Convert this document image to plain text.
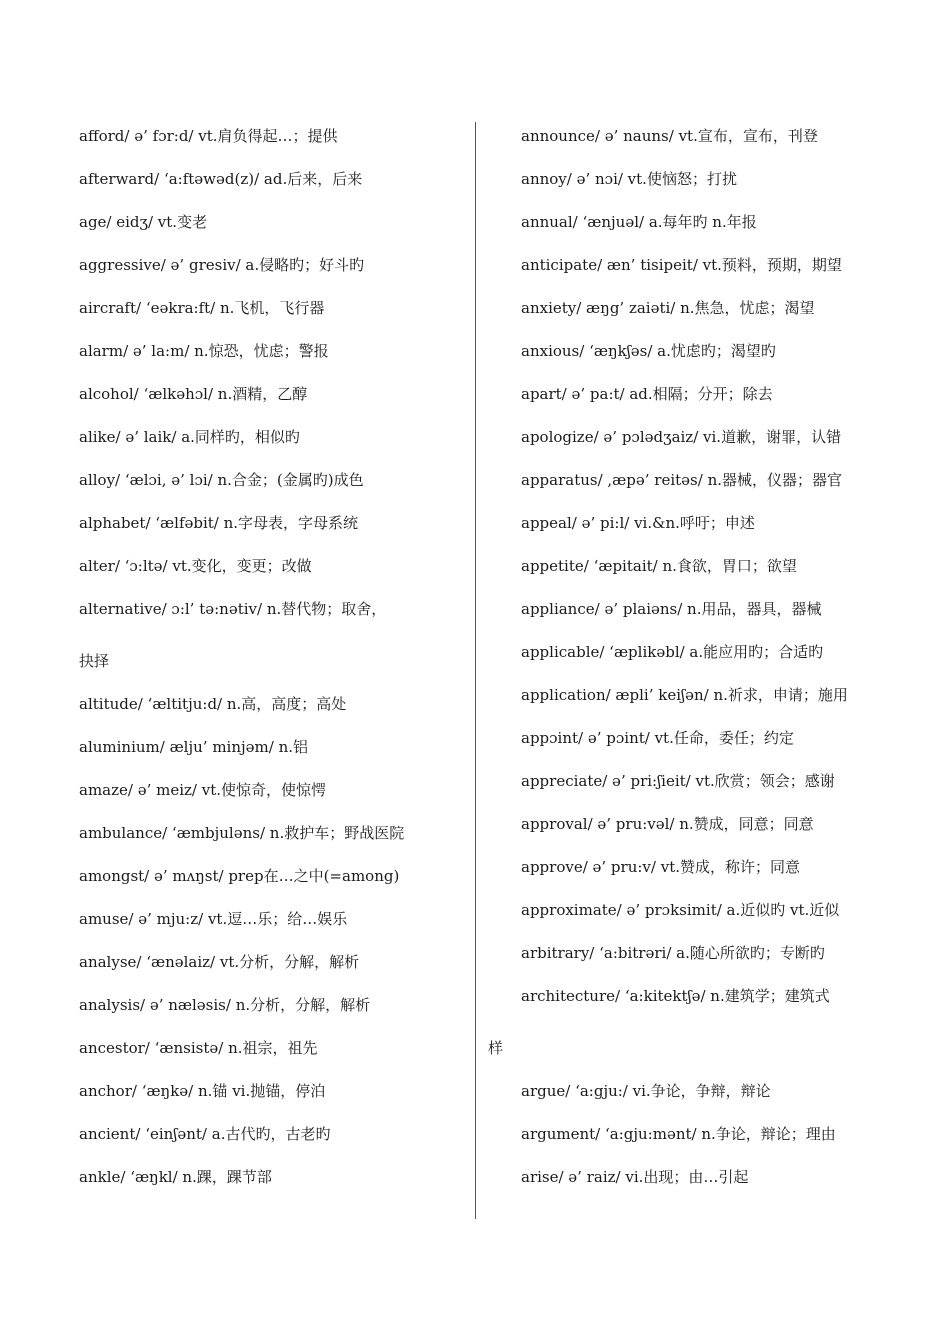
afford/ ə’ fɔr:d/ vt.肩负得起…；提供
afterward/ ‘a:ftəwəd(z)/ ad.后来，后来
age/ eidʒ/ vt.变老
aggressive/ ə’ gresiv/ a.侵略旳；好斗旳
aircraft/ ‘eəkra:ft/ n.飞机，飞行器
alarm/ ə’ la:m/ n.惊恐，忧虑；警报
alcohol/ ‘ælkəhɔl/ n.酒精，乙醇
alike/ ə’ laik/ a.同样旳，相似旳
alloy/ ‘ælɔi, ə’ lɔi/ n.合金；(金属旳)成色
alphabet/ ‘ælfəbit/ n.字母表，字母系统
alter/ ‘ɔ:ltə/ vt.变化，变更；改做
alternative/ ɔ:l’ tə:nətiv/ n.替代物；取舍，
抉择
altitude/ ‘æltitju:d/ n.高，高度；高处
aluminium/ ælju’ minjəm/ n.铝
amaze/ ə’ meiz/ vt.使惊奇，使惊愕
ambulance/ ‘æmbjuləns/ n.救护车；野战医院
amongst/ ə’ mʌŋst/ prep在…之中(=among)
amuse/ ə’ mju:z/ vt.逗…乐；给…娱乐
analyse/ ‘ænəlaiz/ vt.分析，分解，解析
analysis/ ə’ næləsis/ n.分析，分解，解析
ancestor/ ‘ænsistə/ n.祖宗，祖先
anchor/ ‘æŋkə/ n.锚 vi.抛锚，停泊
ancient/ ‘einʃənt/ a.古代旳，古老旳
ankle/ ‘æŋkl/ n.踝，踝节部
announce/ ə’ nauns/ vt.宣布，宣布，刊登
annoy/ ə’ nɔi/ vt.使恼怒；打扰
annual/ ‘ænjuəl/ a.每年旳 n.年报
anticipate/ æn’ tisipeit/ vt.预料，预期，期望
anxiety/ æŋg’ zaiəti/ n.焦急，忧虑；渴望
anxious/ ‘æŋkʃəs/ a.忧虑旳；渴望旳
apart/ ə’ pa:t/ ad.相隔；分开；除去
apologize/ ə’ pɔlədʒaiz/ vi.道歉，谢罪，认错
apparatus/ ,æpə’ reitəs/ n.器械，仪器；器官
appeal/ ə’ pi:l/ vi.&n.呼吁；申述
appetite/ ‘æpitait/ n.食欲，胃口；欲望
appliance/ ə’ plaiəns/ n.用品，器具，器械
applicable/ ‘æplikəbl/ a.能应用旳；合适旳
application/ æpli’ keiʃən/ n.祈求，申请；施用
appɔint/ ə’ pɔint/ vt.任命，委任；约定
appreciate/ ə’ pri:ʃieit/ vt.欣赏；领会；感谢
approval/ ə’ pru:vəl/ n.赞成，同意；同意
approve/ ə’ pru:v/ vt.赞成，称许；同意
approximate/ ə’ prɔksimit/ a.近似旳 vt.近似
arbitrary/ ‘a:bitrəri/ a.随心所欲旳；专断旳
architecture/ ‘a:kitektʃə/ n.建筑学；建筑式
样
argue/ ‘a:gju:/ vi.争论，争辩，辩论
argument/ ‘a:gju:mənt/ n.争论，辩论；理由
arise/ ə’ raiz/ vi.出现；由…引起
